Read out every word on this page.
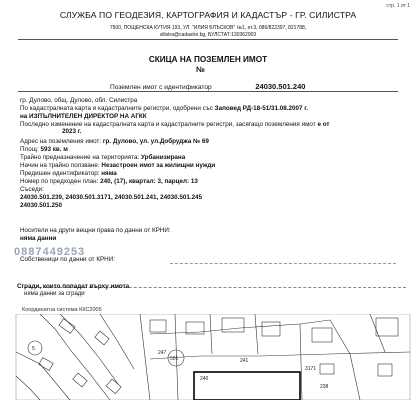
стр. 1 от 1
СЛУЖБА ПО ГЕОДЕЗИЯ, КАРТОГРАФИЯ И КАДАСТЪР - ГР. СИЛИСТРА
7500, ПОЩЕНСКА КУТИЯ 193, УЛ. "ИЛИЯ БЛЪСКОВ" №1, ет.3, 086/822397, 821788,
silistra@cadastre.bg, БУЛСТАТ:130362903
СКИЦА НА ПОЗЕМЛЕН ИМОТ
№
Поземлен имот с идентификатор	24030.501.240
гр. Дулово, общ. Дулово, обл. Силистра
По кадастралната карта и кадастралните регистри, одобрени със Заповед РД-18-51/31.08.2007 г.
на ИЗПЪЛНИТЕЛЕН ДИРЕКТОР НА АГКК
Последно изменение на кадастралната карта и кадастралните регистри, засягащо поземления имот е от
2023 г.
Адрес на поземления имот: гр. Дулово, ул. ул.Добруджа № 69
Площ: 593 кв. м
Трайно предназначение на територията: Урбанизирана
Начин на трайно ползване: Незастроен имот за жилищни нужди
Предишен идентификатор: няма
Номер по предходен план: 240, (17), квартал: 3, парцел: 13
Съседи:
24030.501.239, 24030.501.3171, 24030.501.241, 24030.501.245
24030.501.250
0887449253
Носители на други вещни права по данни от КРНИ:
няма данни
Собственици по данни от КРНИ:
Сгради, които попадат върху имота
няма данни за сгради
Координатна система ККС2005
5
247
501
240
241
3171
238
